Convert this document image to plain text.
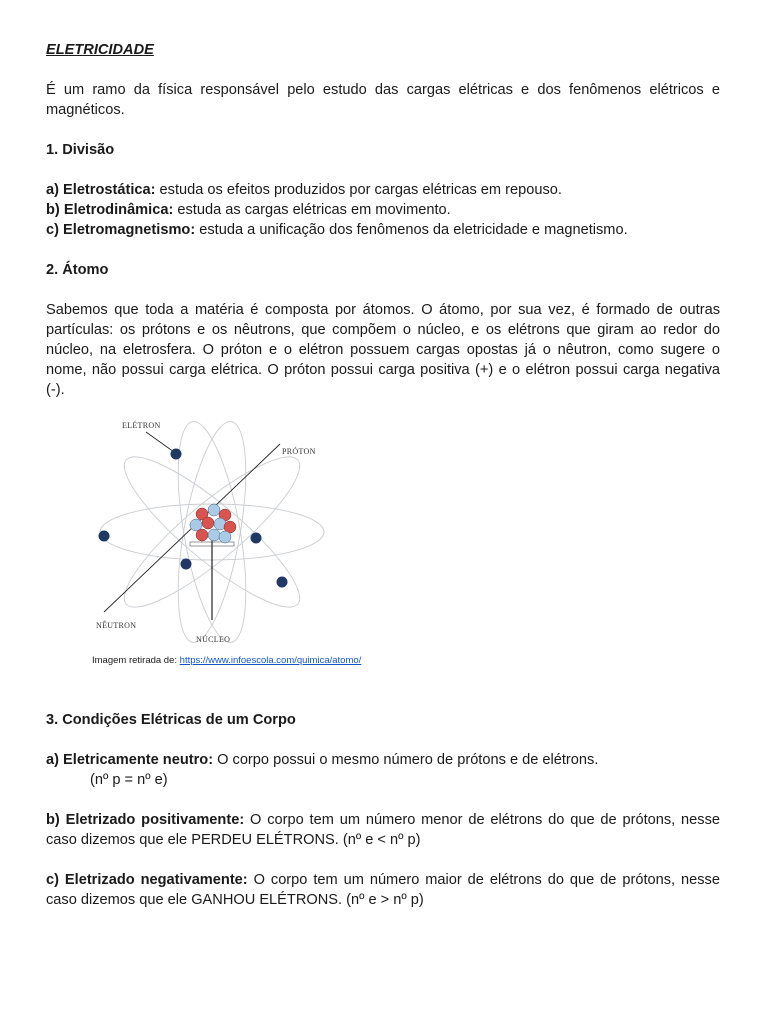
ELETRICIDADE

É um ramo da física responsável pelo estudo das cargas elétricas e dos fenômenos elétricos e magnéticos.

1. Divisão

a) Eletrostática: estuda os efeitos produzidos por cargas elétricas em repouso.

b) Eletrodinâmica: estuda as cargas elétricas em movimento.

c) Eletromagnetismo: estuda a unificação dos fenômenos da eletricidade e magnetismo.

2. Átomo

Sabemos que toda a matéria é composta por átomos. O átomo, por sua vez, é formado de outras partículas: os prótons e os nêutrons, que compõem o núcleo, e os elétrons que giram ao redor do núcleo, na eletrosfera. O próton e o elétron possuem cargas opostas já o nêutron, como sugere o nome, não possui carga elétrica. O próton possui carga positiva (+) e o elétron possui carga negativa (-).

ELÉTRON
PRÓTON
NÊUTRON
NÚCLEO

Imagem retirada de: https://www.infoescola.com/quimica/atomo/

3. Condições Elétricas de um Corpo

a) Eletricamente neutro: O corpo possui o mesmo número de prótons e de elétrons.

(nº p = nº e)

b) Eletrizado positivamente: O corpo tem um número menor de elétrons do que de prótons, nesse caso dizemos que ele PERDEU ELÉTRONS. (nº e < nº p)

c) Eletrizado negativamente: O corpo tem um número maior de elétrons do que de prótons, nesse caso dizemos que ele GANHOU ELÉTRONS. (nº e > nº p)
